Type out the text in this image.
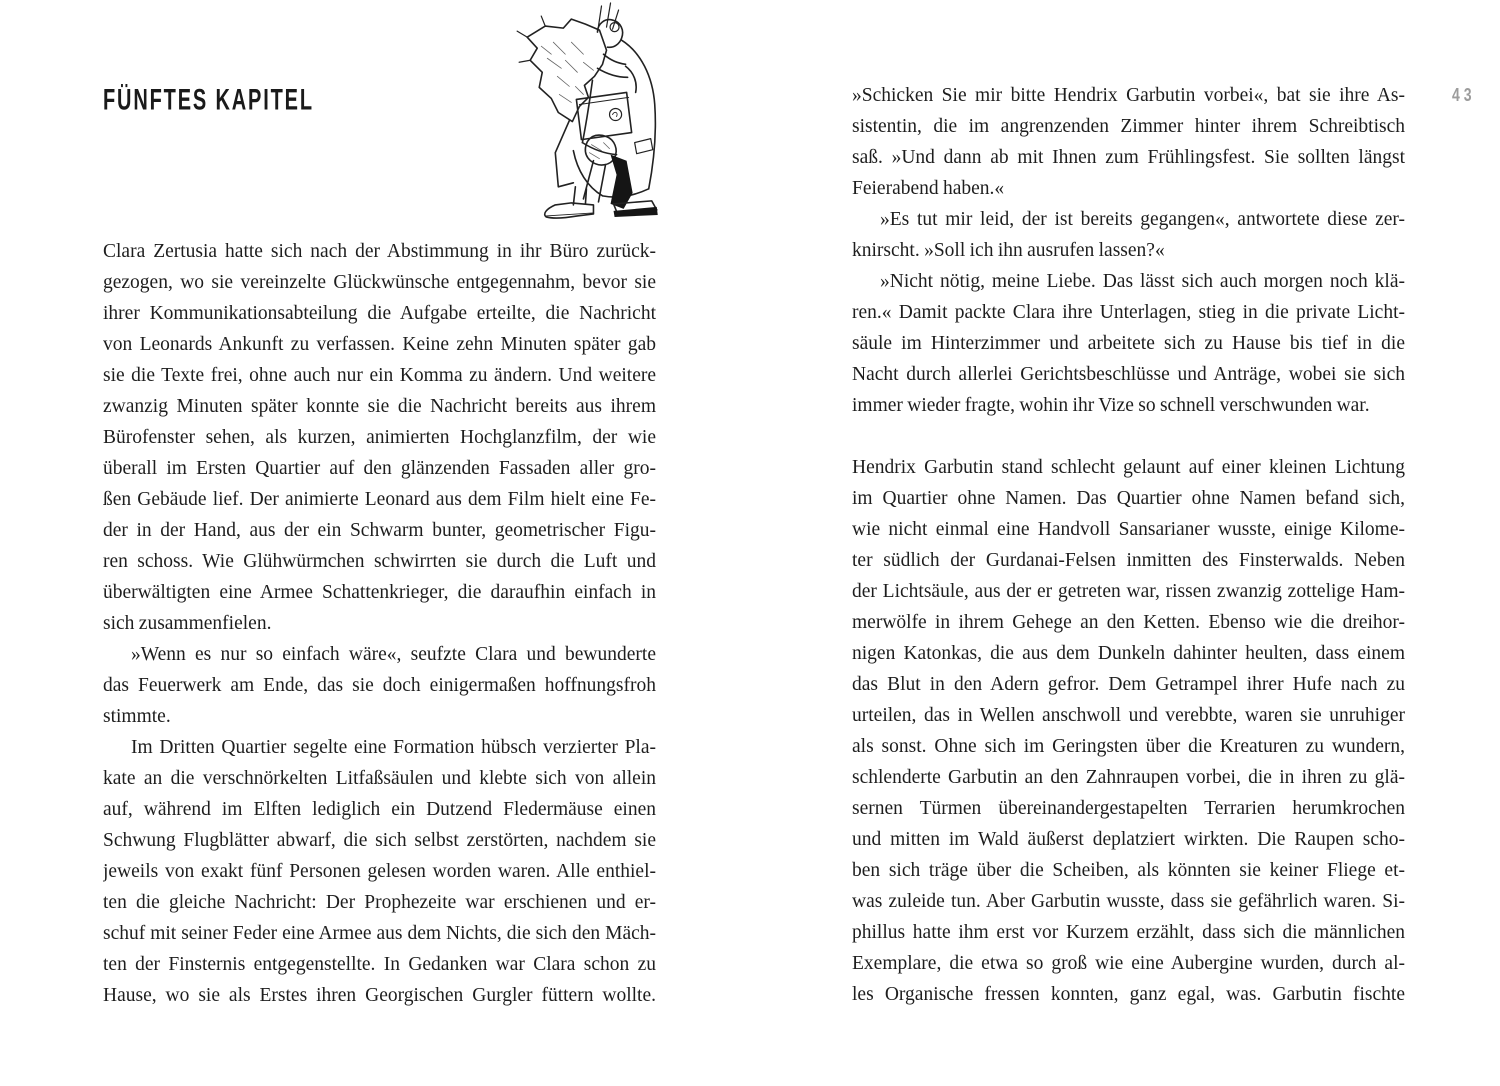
FÜNFTES KAPITEL
Clara Zertusia hatte sich nach der Abstimmung in ihr Büro zurück-
gezogen, wo sie vereinzelte Glückwünsche entgegennahm, bevor sie
ihrer Kommunikationsabteilung die Aufgabe erteilte, die Nachricht
von Leonards Ankunft zu verfassen. Keine zehn Minuten später gab
sie die Texte frei, ohne auch nur ein Komma zu ändern. Und weitere
zwanzig Minuten später konnte sie die Nachricht bereits aus ihrem
Bürofenster sehen, als kurzen, animierten Hochglanzfilm, der wie
überall im Ersten Quartier auf den glänzenden Fassaden aller gro-
ßen Gebäude lief. Der animierte Leonard aus dem Film hielt eine Fe-
der in der Hand, aus der ein Schwarm bunter, geometrischer Figu-
ren schoss. Wie Glühwürmchen schwirrten sie durch die Luft und
überwältigten eine Armee Schattenkrieger, die daraufhin einfach in
sich zusammenfielen.
»Wenn es nur so einfach wäre«, seufzte Clara und bewunderte
das Feuerwerk am Ende, das sie doch einigermaßen hoffnungsfroh
stimmte.
Im Dritten Quartier segelte eine Formation hübsch verzierter Pla-
kate an die verschnörkelten Litfaßsäulen und klebte sich von allein
auf, während im Elften lediglich ein Dutzend Fledermäuse einen
Schwung Flugblätter abwarf, die sich selbst zerstörten, nachdem sie
jeweils von exakt fünf Personen gelesen worden waren. Alle enthiel-
ten die gleiche Nachricht: Der Prophezeite war erschienen und er-
schuf mit seiner Feder eine Armee aus dem Nichts, die sich den Mäch-
ten der Finsternis entgegenstellte. In Gedanken war Clara schon zu
Hause, wo sie als Erstes ihren Georgischen Gurgler füttern wollte.
43
»Schicken Sie mir bitte Hendrix Garbutin vorbei«, bat sie ihre As-
sistentin, die im angrenzenden Zimmer hinter ihrem Schreibtisch
saß. »Und dann ab mit Ihnen zum Frühlingsfest. Sie sollten längst
Feierabend haben.«
»Es tut mir leid, der ist bereits gegangen«, antwortete diese zer-
knirscht. »Soll ich ihn ausrufen lassen?«
»Nicht nötig, meine Liebe. Das lässt sich auch morgen noch klä-
ren.« Damit packte Clara ihre Unterlagen, stieg in die private Licht-
säule im Hinterzimmer und arbeitete sich zu Hause bis tief in die
Nacht durch allerlei Gerichtsbeschlüsse und Anträge, wobei sie sich
immer wieder fragte, wohin ihr Vize so schnell verschwunden war.
Hendrix Garbutin stand schlecht gelaunt auf einer kleinen Lichtung
im Quartier ohne Namen. Das Quartier ohne Namen befand sich,
wie nicht einmal eine Handvoll Sansarianer wusste, einige Kilome-
ter südlich der Gurdanai-Felsen inmitten des Finsterwalds. Neben
der Lichtsäule, aus der er getreten war, rissen zwanzig zottelige Ham-
merwölfe in ihrem Gehege an den Ketten. Ebenso wie die dreihor-
nigen Katonkas, die aus dem Dunkeln dahinter heulten, dass einem
das Blut in den Adern gefror. Dem Getrampel ihrer Hufe nach zu
urteilen, das in Wellen anschwoll und verebbte, waren sie unruhiger
als sonst. Ohne sich im Geringsten über die Kreaturen zu wundern,
schlenderte Garbutin an den Zahnraupen vorbei, die in ihren zu glä-
sernen Türmen übereinandergestapelten Terrarien herumkrochen
und mitten im Wald äußerst deplatziert wirkten. Die Raupen scho-
ben sich träge über die Scheiben, als könnten sie keiner Fliege et-
was zuleide tun. Aber Garbutin wusste, dass sie gefährlich waren. Si-
phillus hatte ihm erst vor Kurzem erzählt, dass sich die männlichen
Exemplare, die etwa so groß wie eine Aubergine wurden, durch al-
les Organische fressen konnten, ganz egal, was. Garbutin fischte
